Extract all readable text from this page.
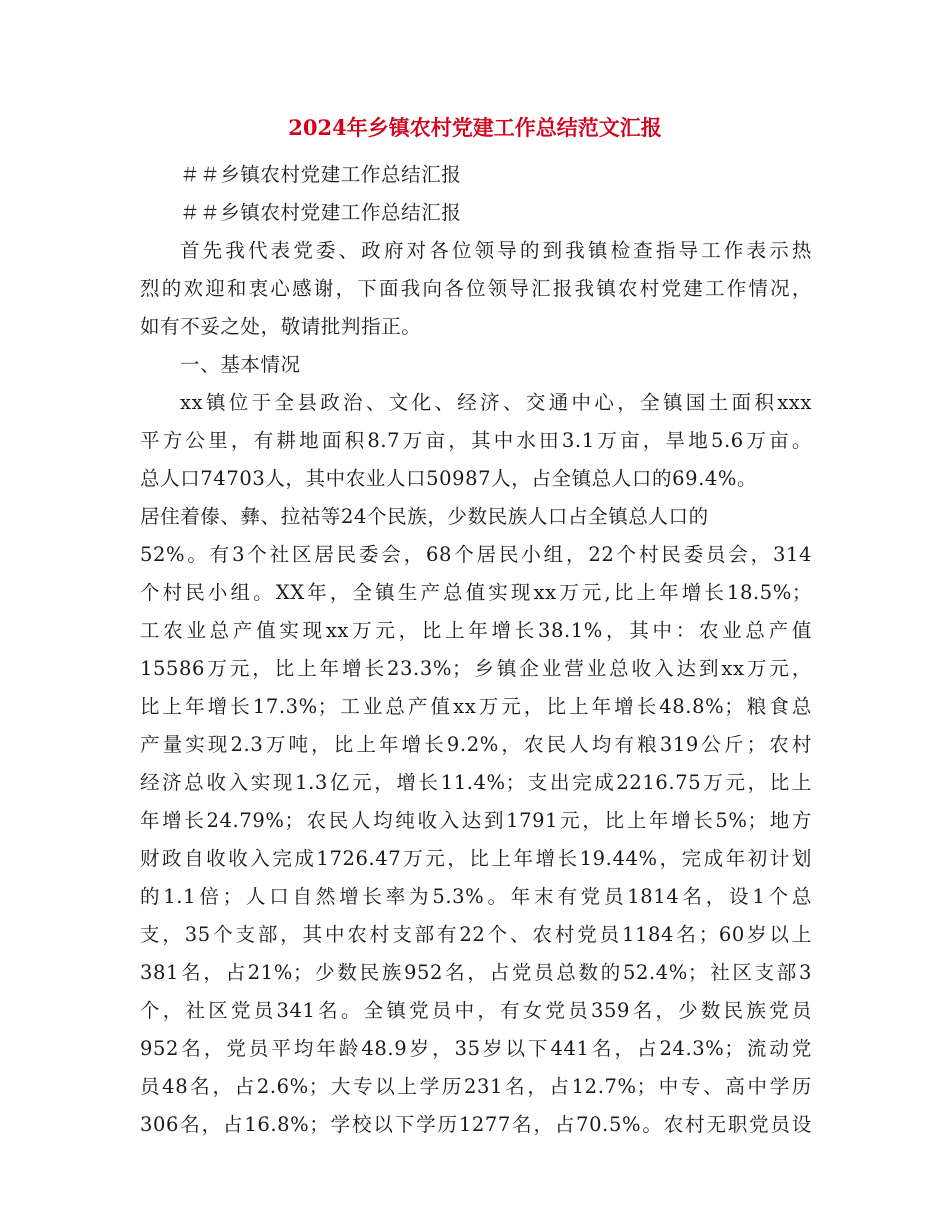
2024年乡镇农村党建工作总结范文汇报
＃＃乡镇农村党建工作总结汇报
＃＃乡镇农村党建工作总结汇报
首先我代表党委、政府对各位领导的到我镇检查指导工作表示热
烈的欢迎和衷心感谢，下面我向各位领导汇报我镇农村党建工作情况，
如有不妥之处，敬请批判指正。
一、基本情况
xx镇位于全县政治、文化、经济、交通中心，全镇国土面积xxx
平方公里，有耕地面积8.7万亩，其中水田3.1万亩，旱地5.6万亩。
总人口74703人，其中农业人口50987人，占全镇总人口的69.4%。
居住着傣、彝、拉祜等24个民族，少数民族人口占全镇总人口的
52%。有3个社区居民委会，68个居民小组，22个村民委员会，314
个村民小组。XX年，全镇生产总值实现xx万元,比上年增长18.5%；
工农业总产值实现xx万元，比上年增长38.1%，其中：农业总产值
15586万元，比上年增长23.3%；乡镇企业营业总收入达到xx万元，
比上年增长17.3%；工业总产值xx万元，比上年增长48.8%；粮食总
产量实现2.3万吨，比上年增长9.2%，农民人均有粮319公斤；农村
经济总收入实现1.3亿元，增长11.4%；支出完成2216.75万元，比上
年增长24.79%；农民人均纯收入达到1791元，比上年增长5%；地方
财政自收收入完成1726.47万元，比上年增长19.44%，完成年初计划
的1.1倍；人口自然增长率为5.3%。年末有党员1814名，设1个总
支，35个支部，其中农村支部有22个、农村党员1184名；60岁以上
381名，占21%；少数民族952名，占党员总数的52.4%；社区支部3
个，社区党员341名。全镇党员中，有女党员359名，少数民族党员
952名，党员平均年龄48.9岁，35岁以下441名，占24.3%；流动党
员48名，占2.6%；大专以上学历231名，占12.7%；中专、高中学历
306名，占16.8%；学校以下学历1277名，占70.5%。农村无职党员设
